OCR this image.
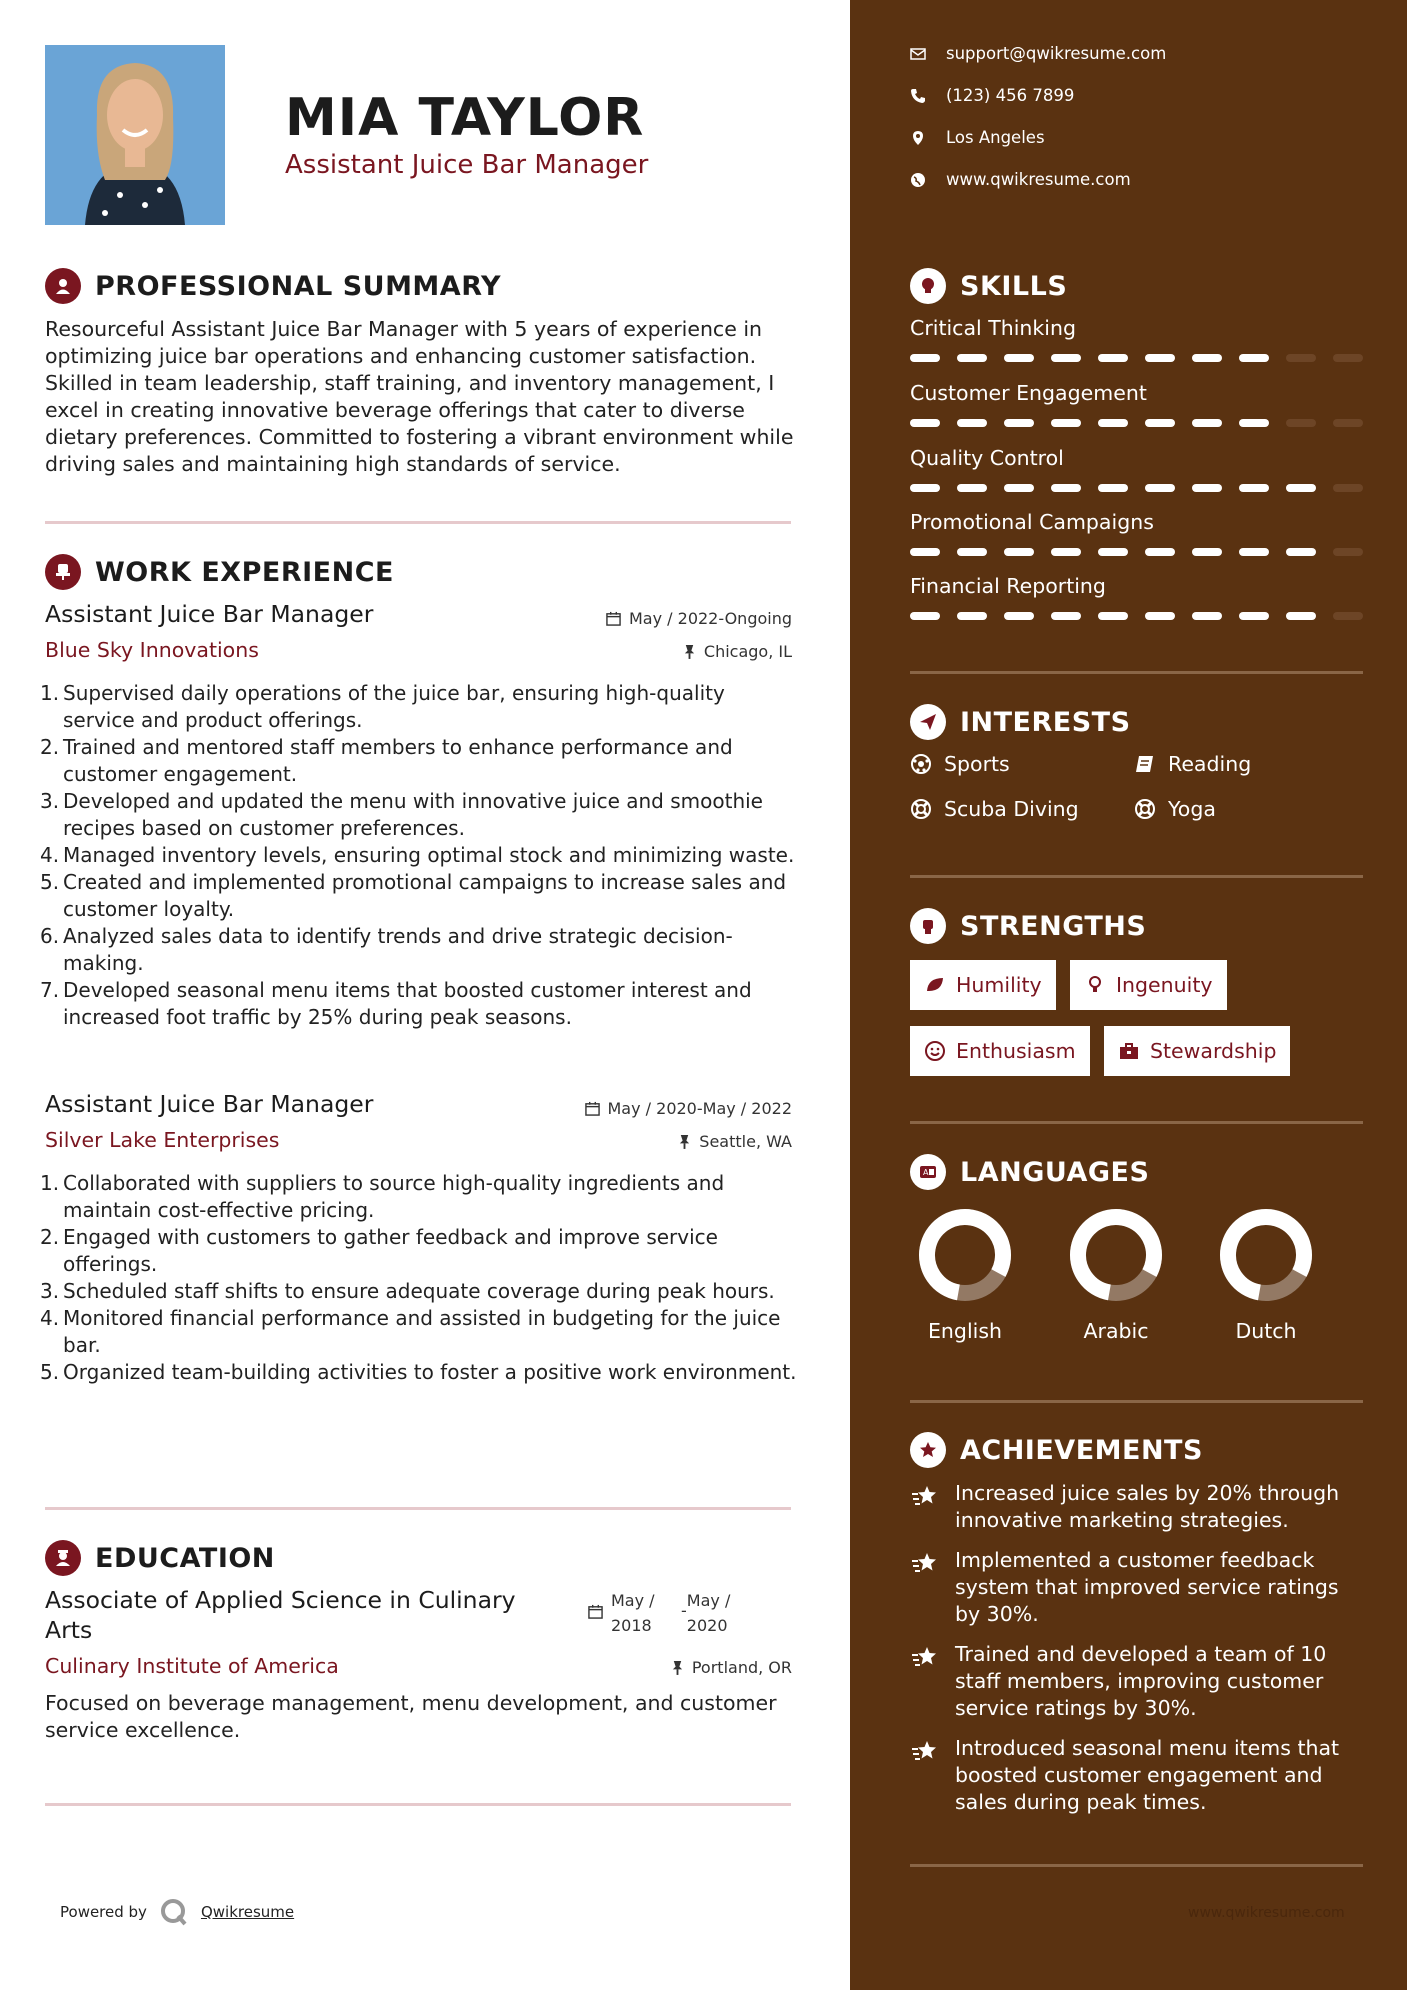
MIA TAYLOR
Assistant Juice Bar Manager
PROFESSIONAL SUMMARY
Resourceful Assistant Juice Bar Manager with 5 years of experience in optimizing juice bar operations and enhancing customer satisfaction. Skilled in team leadership, staff training, and inventory management, I excel in creating innovative beverage offerings that cater to diverse dietary preferences. Committed to fostering a vibrant environment while driving sales and maintaining high standards of service.
WORK EXPERIENCE
Assistant Juice Bar Manager	May / 2022-Ongoing
Blue Sky Innovations	Chicago, IL
Supervised daily operations of the juice bar, ensuring high-quality service and product offerings.
Trained and mentored staff members to enhance performance and customer engagement.
Developed and updated the menu with innovative juice and smoothie recipes based on customer preferences.
Managed inventory levels, ensuring optimal stock and minimizing waste.
Created and implemented promotional campaigns to increase sales and customer loyalty.
Analyzed sales data to identify trends and drive strategic decision-making.
Developed seasonal menu items that boosted customer interest and increased foot traffic by 25% during peak seasons.
Assistant Juice Bar Manager	May / 2020-May / 2022
Silver Lake Enterprises	Seattle, WA
Collaborated with suppliers to source high-quality ingredients and maintain cost-effective pricing.
Engaged with customers to gather feedback and improve service offerings.
Scheduled staff shifts to ensure adequate coverage during peak hours.
Monitored financial performance and assisted in budgeting for the juice bar.
Organized team-building activities to foster a positive work environment.
EDUCATION
Associate of Applied Science in Culinary Arts
May / 2018
-
May / 2020
Culinary Institute of America	Portland, OR
Focused on beverage management, menu development, and customer service excellence.
Powered by	Qwikresume
support@qwikresume.com
(123) 456 7899
Los Angeles
www.qwikresume.com
SKILLS
Critical Thinking
Customer Engagement
Quality Control
Promotional Campaigns
Financial Reporting
INTERESTS
Sports	Reading
Scuba Diving	Yoga
STRENGTHS
Humility	Ingenuity
Enthusiasm	Stewardship
A LANGUAGES
English	Arabic	Dutch
ACHIEVEMENTS
Increased juice sales by 20% through innovative marketing strategies.
Implemented a customer feedback system that improved service ratings by 30%.
Trained and developed a team of 10 staff members, improving customer service ratings by 30%.
Introduced seasonal menu items that boosted customer engagement and sales during peak times.
www.qwikresume.com
